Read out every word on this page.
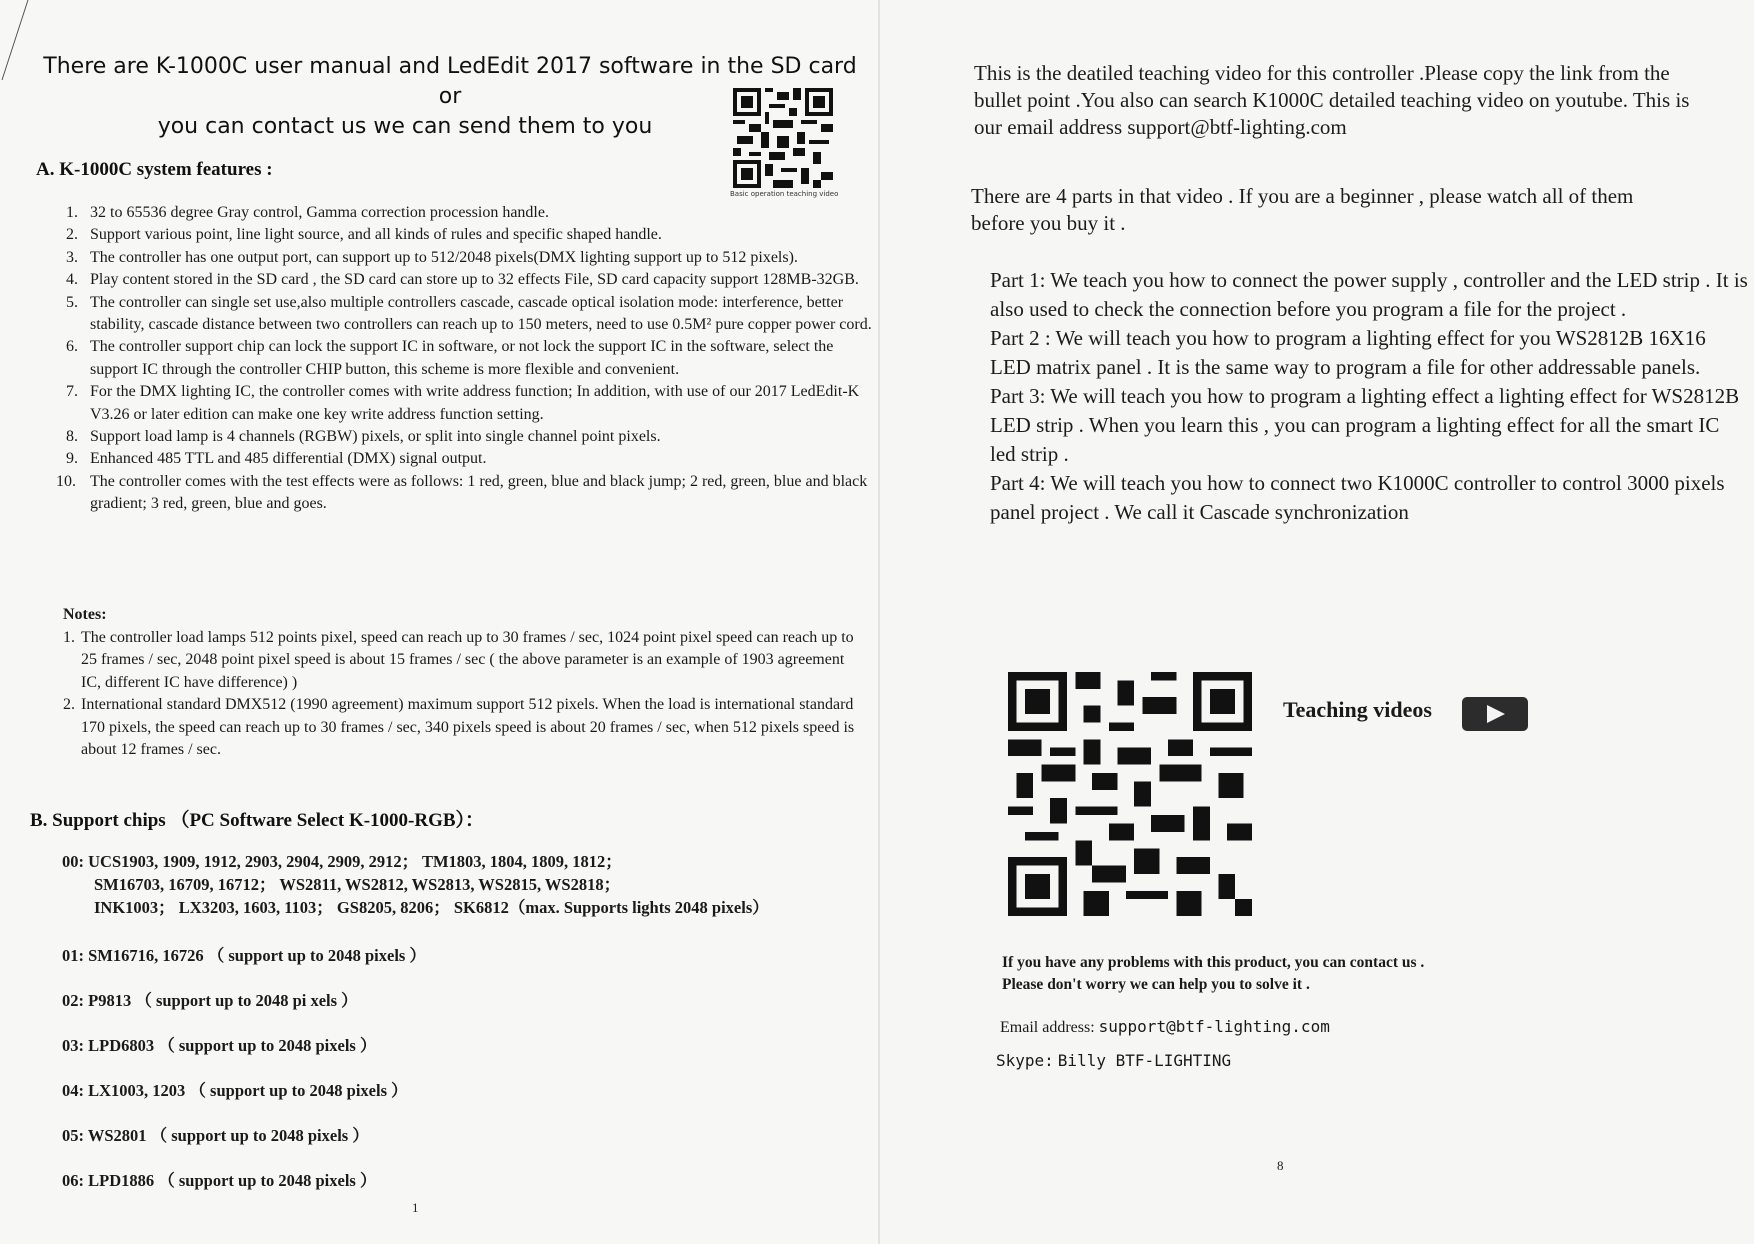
There are K-1000C user manual and LedEdit 2017 software in the SD card or

you can contact us we can send them to you
Basic operation teaching video
A. K-1000C system features :
1. 32 to 65536 degree Gray control, Gamma correction procession handle.
2. Support various point, line light source, and all kinds of rules and specific shaped handle.
3. The controller has one output port, can support up to 512/2048 pixels(DMX lighting support up to 512 pixels).
4. Play content stored in the SD card , the SD card can store up to 32 effects File, SD card capacity support 128MB-32GB.
5. The controller can single set use,also multiple controllers cascade, cascade optical isolation mode: interference, better stability, cascade distance between two controllers can reach up to 150 meters, need to use 0.5M² pure copper power cord.
6. The controller support chip can lock the support IC in software, or not lock the support IC in the software, select the support IC through the controller CHIP button, this scheme is more flexible and convenient.
7. For the DMX lighting IC, the controller comes with write address function; In addition, with use of our 2017 LedEdit-K V3.26 or later edition can make one key write address function setting.
8. Support load lamp is 4 channels (RGBW) pixels, or split into single channel point pixels.
9. Enhanced 485 TTL and 485 differential (DMX) signal output.
10. The controller comes with the test effects were as follows: 1 red, green, blue and black jump; 2 red, green, blue and black gradient; 3 red, green, blue and goes.
Notes:
1. The controller load lamps 512 points pixel, speed can reach up to 30 frames / sec, 1024 point pixel speed can reach up to 25 frames / sec, 2048 point pixel speed is about 15 frames / sec ( the above parameter is an example of 1903 agreement IC, different IC have difference) )
2. International standard DMX512 (1990 agreement) maximum support 512 pixels. When the load is international standard 170 pixels, the speed can reach up to 30 frames / sec, 340 pixels speed is about 20 frames / sec, when 512 pixels speed is about 12 frames / sec.
B. Support chips （PC Software Select K-1000-RGB）：
00: UCS1903, 1909, 1912, 2903, 2904, 2909, 2912； TM1803, 1804, 1809, 1812；
SM16703, 16709, 16712； WS2811, WS2812, WS2813, WS2815, WS2818；
INK1003； LX3203, 1603, 1103； GS8205, 8206； SK6812（max. Supports lights 2048 pixels）
01: SM16716, 16726 （ support up to 2048 pixels ）
02: P9813 （ support up to 2048 pi xels ）
03: LPD6803 （ support up to 2048 pixels ）
04: LX1003, 1203 （ support up to 2048 pixels ）
05: WS2801 （ support up to 2048 pixels ）
06: LPD1886 （ support up to 2048 pixels ）
1
This is the deatiled teaching video for this controller .Please copy the link from the bullet point .You also can search K1000C detailed teaching video on youtube. This is our email address support@btf-lighting.com
There are 4 parts in that video . If you are a beginner , please watch all of them before you buy it .

Part 1: We teach you how to connect the power supply , controller and the LED strip . It is also used to check the connection before you program a file for the project .

Part 2 : We will teach you how to program a lighting effect for you WS2812B 16X16 LED matrix panel . It is the same way to program a file for other addressable panels.

Part 3: We will teach you how to program a lighting effect a lighting effect for WS2812B LED strip . When you learn this , you can program a lighting effect for all the smart IC led strip .

Part 4: We will teach you how to connect two K1000C controller to control 3000 pixels panel project . We call it Cascade synchronization

Teaching videos
If you have any problems with this product, you can contact us .
Please don't worry we can help you to solve it .
Email address: support@btf-lighting.com
Skype: Billy BTF-LIGHTING
8
